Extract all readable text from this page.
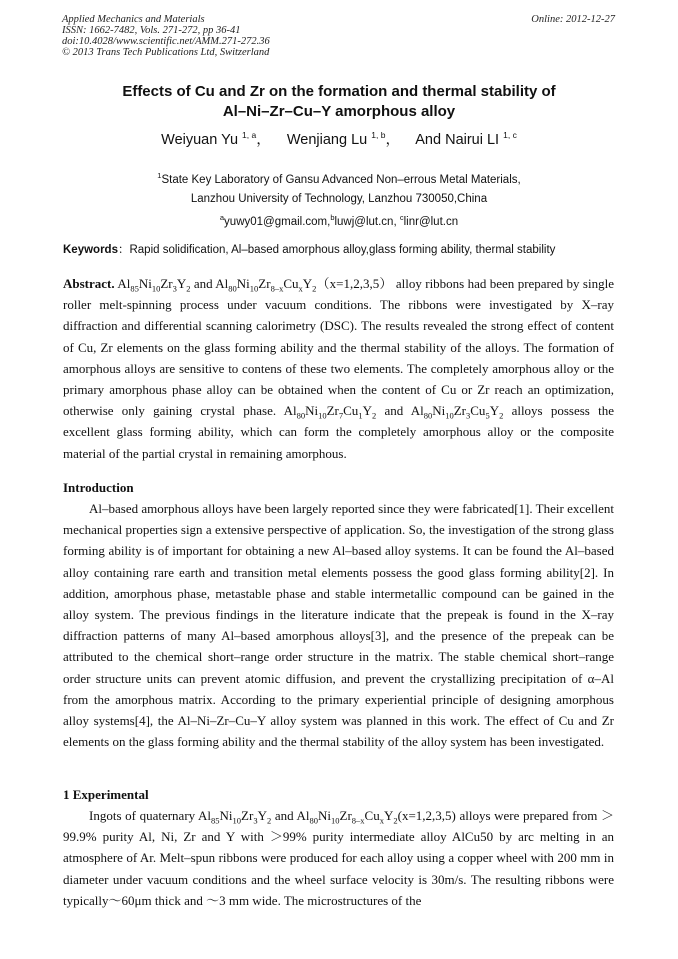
Applied Mechanics and Materials
ISSN: 1662-7482, Vols. 271-272, pp 36-41
doi:10.4028/www.scientific.net/AMM.271-272.36
© 2013 Trans Tech Publications Ltd, Switzerland
Online: 2012-12-27
Effects of Cu and Zr on the formation and thermal stability of
Al–Ni–Zr–Cu–Y amorphous alloy
Weiyuan Yu $^{1, a}$， Wenjiang Lu $^{1, b}$， And Nairui LI $^{1, c}$
$^1$State Key Laboratory of Gansu Advanced Non–errous Metal Materials,
Lanzhou University of Technology, Lanzhou 730050,China
$^a$yuwy01@gmail.com,$^b$luwj@lut.cn, $^c$linr@lut.cn
Keywords：Rapid solidification, Al–based amorphous alloy,glass forming ability, thermal stability
Abstract. $Al_{85}Ni_{10}Zr_3Y_2$ and $Al_{80}Ni_{10}Zr_{8-x}Cu_xY_2(x=1,2,3,5)$ alloy ribbons had been prepared by single roller melt-spinning process under vacuum conditions. The ribbons were investigated by X–ray diffraction and differential scanning calorimetry (DSC). The results revealed the strong effect of content of Cu, Zr elements on the glass forming ability and the thermal stability of the alloys. The formation of amorphous alloys are sensitive to contens of these two elements. The completely amorphous alloy or the primary amorphous phase alloy can be obtained when the content of Cu or Zr reach an optimization, otherwise only gaining crystal phase. $Al_{80}Ni_{10}Zr_7Cu_1Y_2$ and $Al_{80}Ni_{10}Zr_3Cu_5Y_2$ alloys possess the excellent glass forming ability, which can form the completely amorphous alloy or the composite material of the partial crystal in remaining amorphous.
Introduction
Al–based amorphous alloys have been largely reported since they were fabricated[1]. Their excellent mechanical properties sign a extensive perspective of application. So, the investigation of the strong glass forming ability is of important for obtaining a new Al–based alloy systems. It can be found the Al–based alloy containing rare earth and transition metal elements possess the good glass forming ability[2]. In addition, amorphous phase, metastable phase and stable intermetallic compound can be gained in the alloy system. The previous findings in the literature indicate that the prepeak is found in the X–ray diffraction patterns of many Al–based amorphous alloys[3], and the presence of the prepeak can be attributed to the chemical short–range order structure in the matrix. The stable chemical short–range order structure units can prevent atomic diffusion, and prevent the crystallizing precipitation of α–Al from the amorphous matrix. According to the primary experiential principle of designing amorphous alloy systems[4], the Al–Ni–Zr–Cu–Y alloy system was planned in this work. The effect of Cu and Zr elements on the glass forming ability and the thermal stability of the alloy system has been investigated.
1 Experimental
Ingots of quaternary $Al_{85}Ni_{10}Zr_3Y_2$ and $Al_{80}Ni_{10}Zr_{8-x}Cu_xY_2(x=1,2,3,5)$ alloys were prepared from ＞99.9% purity Al, Ni, Zr and Y with ＞99% purity intermediate alloy AlCu50 by arc melting in an atmosphere of Ar. Melt–spun ribbons were produced for each alloy using a copper wheel with 200 mm in diameter under vacuum conditions and the wheel surface velocity is 30m/s. The resulting ribbons were typically～60μm thick and ～3 mm wide. The microstructures of the
